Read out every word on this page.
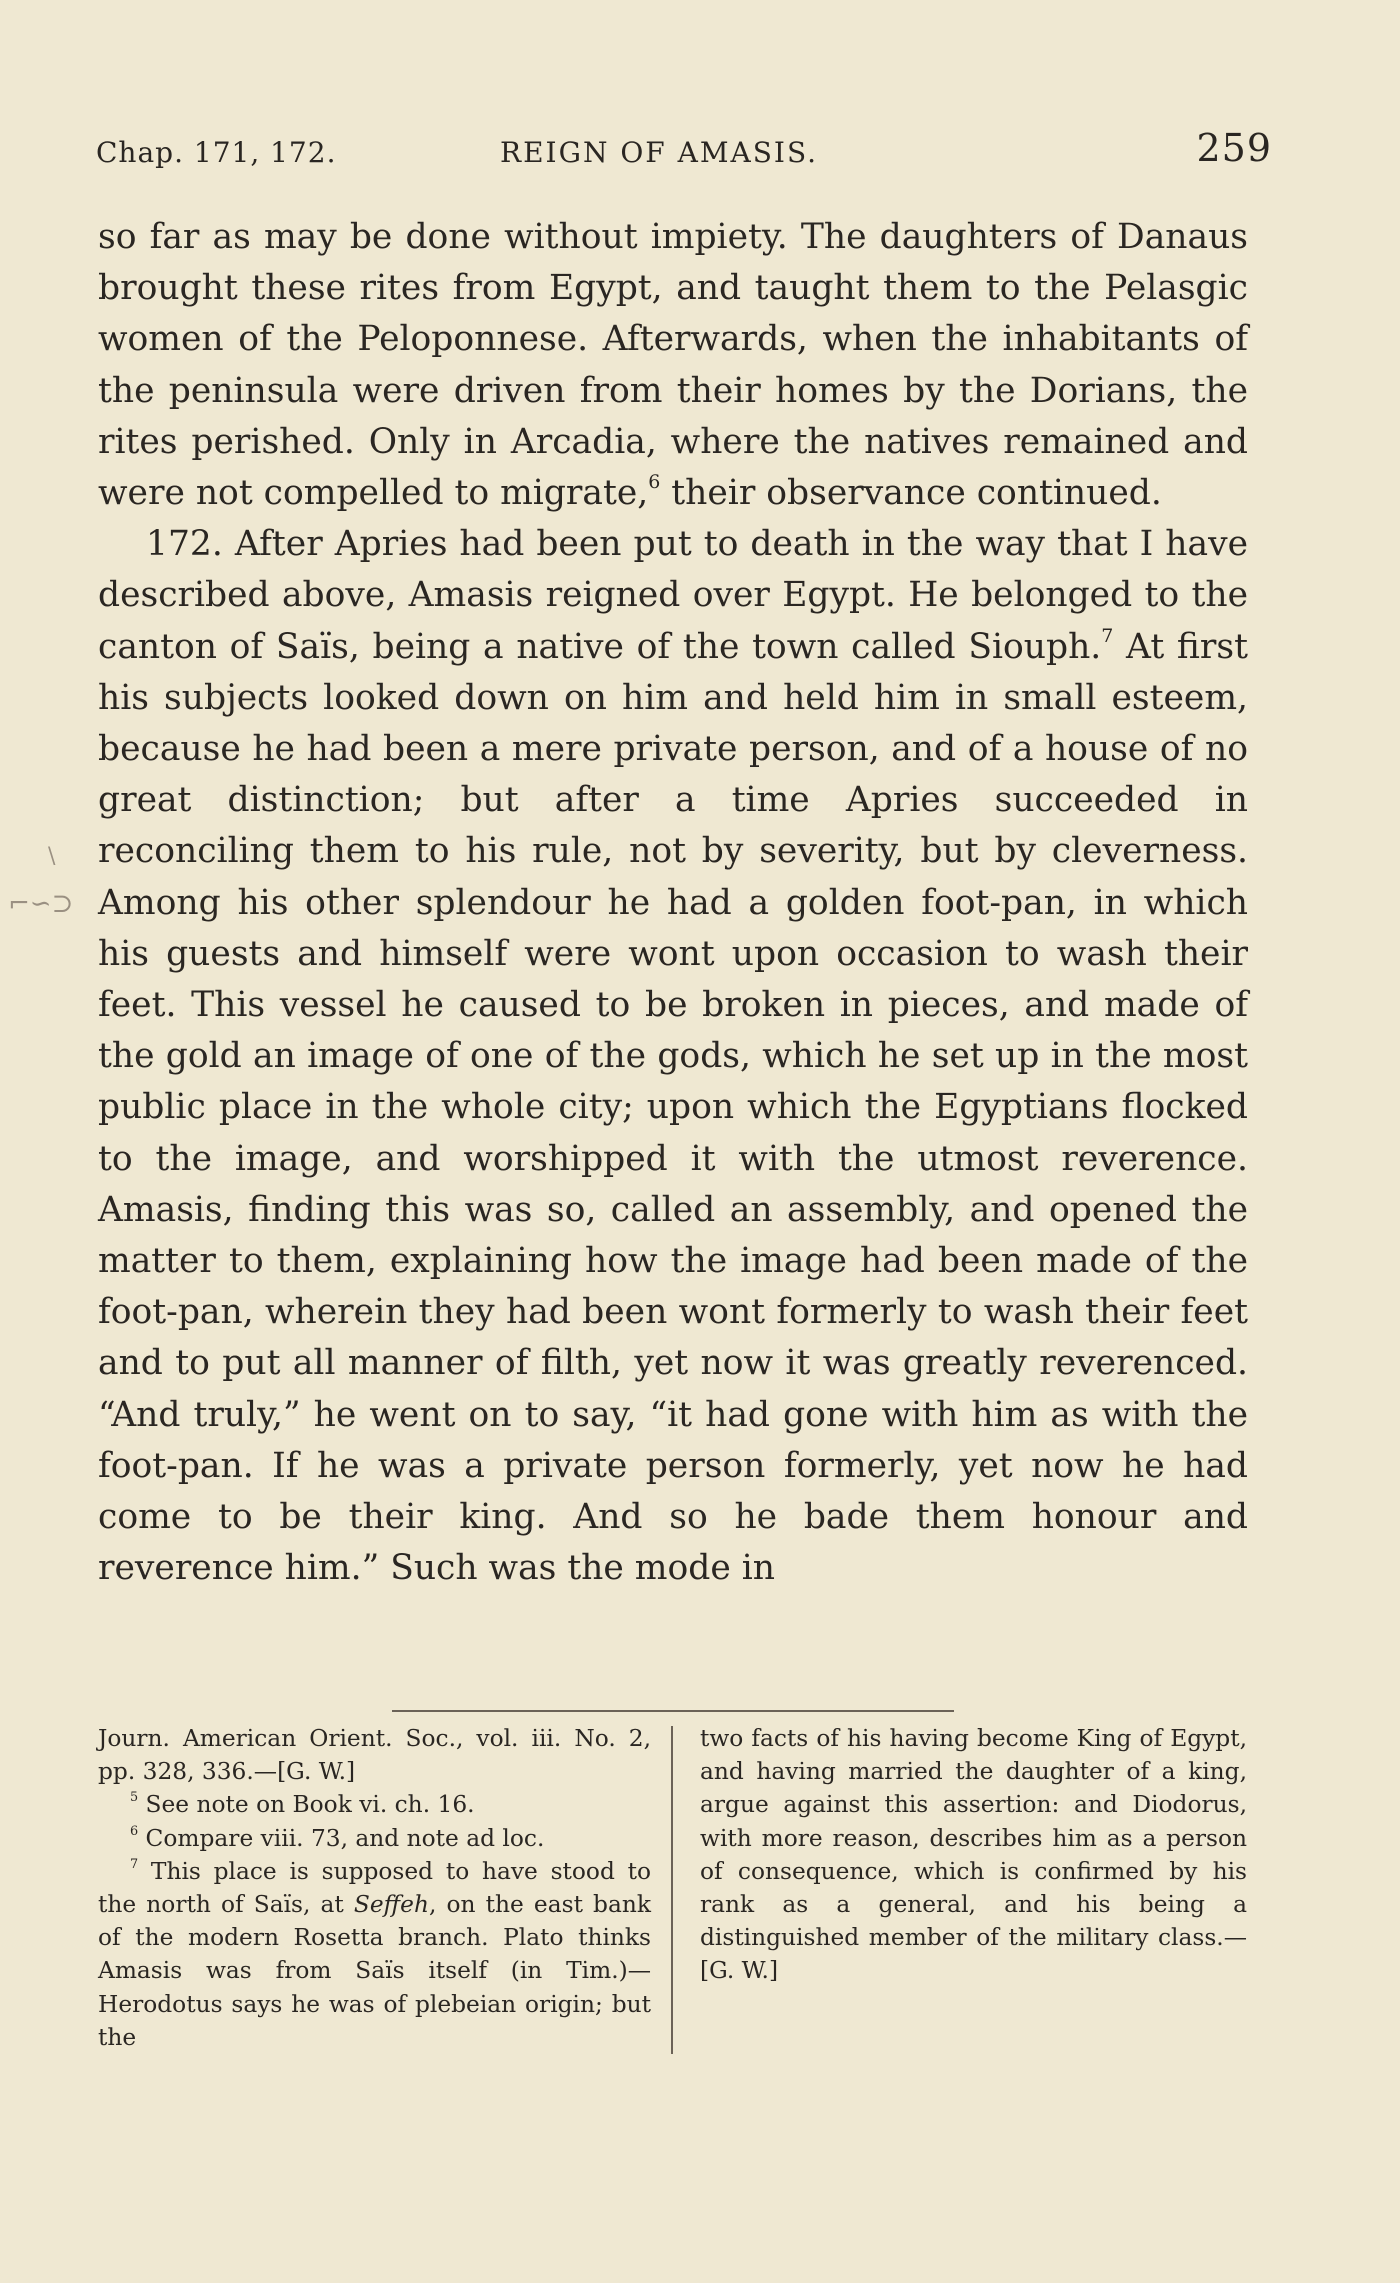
Chap. 171, 172.	REIGN OF AMASIS.	259
\
⌐∽⊃

so far as may be done without impiety. The daughters of Danaus brought these rites from Egypt, and taught them to the Pelasgic women of the Peloponnese. Afterwards, when the inhabitants of the peninsula were driven from their homes by the Dorians, the rites perished. Only in Arcadia, where the natives remained and were not compelled to migrate,$^6$ their observance continued.

172. After Apries had been put to death in the way that I have described above, Amasis reigned over Egypt. He belonged to the canton of Saïs, being a native of the town called Siouph.$^7$ At first his subjects looked down on him and held him in small esteem, because he had been a mere private person, and of a house of no great distinction; but after a time Apries succeeded in reconciling them to his rule, not by severity, but by cleverness. Among his other splendour he had a golden foot-pan, in which his guests and himself were wont upon occasion to wash their feet. This vessel he caused to be broken in pieces, and made of the gold an image of one of the gods, which he set up in the most public place in the whole city; upon which the Egyptians flocked to the image, and worshipped it with the utmost reverence. Amasis, finding this was so, called an assembly, and opened the matter to them, explaining how the image had been made of the foot-pan, wherein they had been wont formerly to wash their feet and to put all manner of filth, yet now it was greatly reverenced. “And truly,” he went on to say, “it had gone with him as with the foot-pan. If he was a private person formerly, yet now he had come to be their king. And so he bade them honour and reverence him.” Such was the mode in

Journ. American Orient. Soc., vol. iii. No. 2, pp. 328, 336.—[G. W.]

$^5$ See note on Book vi. ch. 16.

$^6$ Compare viii. 73, and note ad loc.

$^7$ This place is supposed to have stood to the north of Saïs, at Seffeh, on the east bank of the modern Rosetta branch. Plato thinks Amasis was from Saïs itself (in Tim.)—Herodotus says he was of plebeian origin; but the

two facts of his having become King of Egypt, and having married the daughter of a king, argue against this assertion: and Diodorus, with more reason, describes him as a person of consequence, which is confirmed by his rank as a general, and his being a distinguished member of the military class.— [G. W.]
